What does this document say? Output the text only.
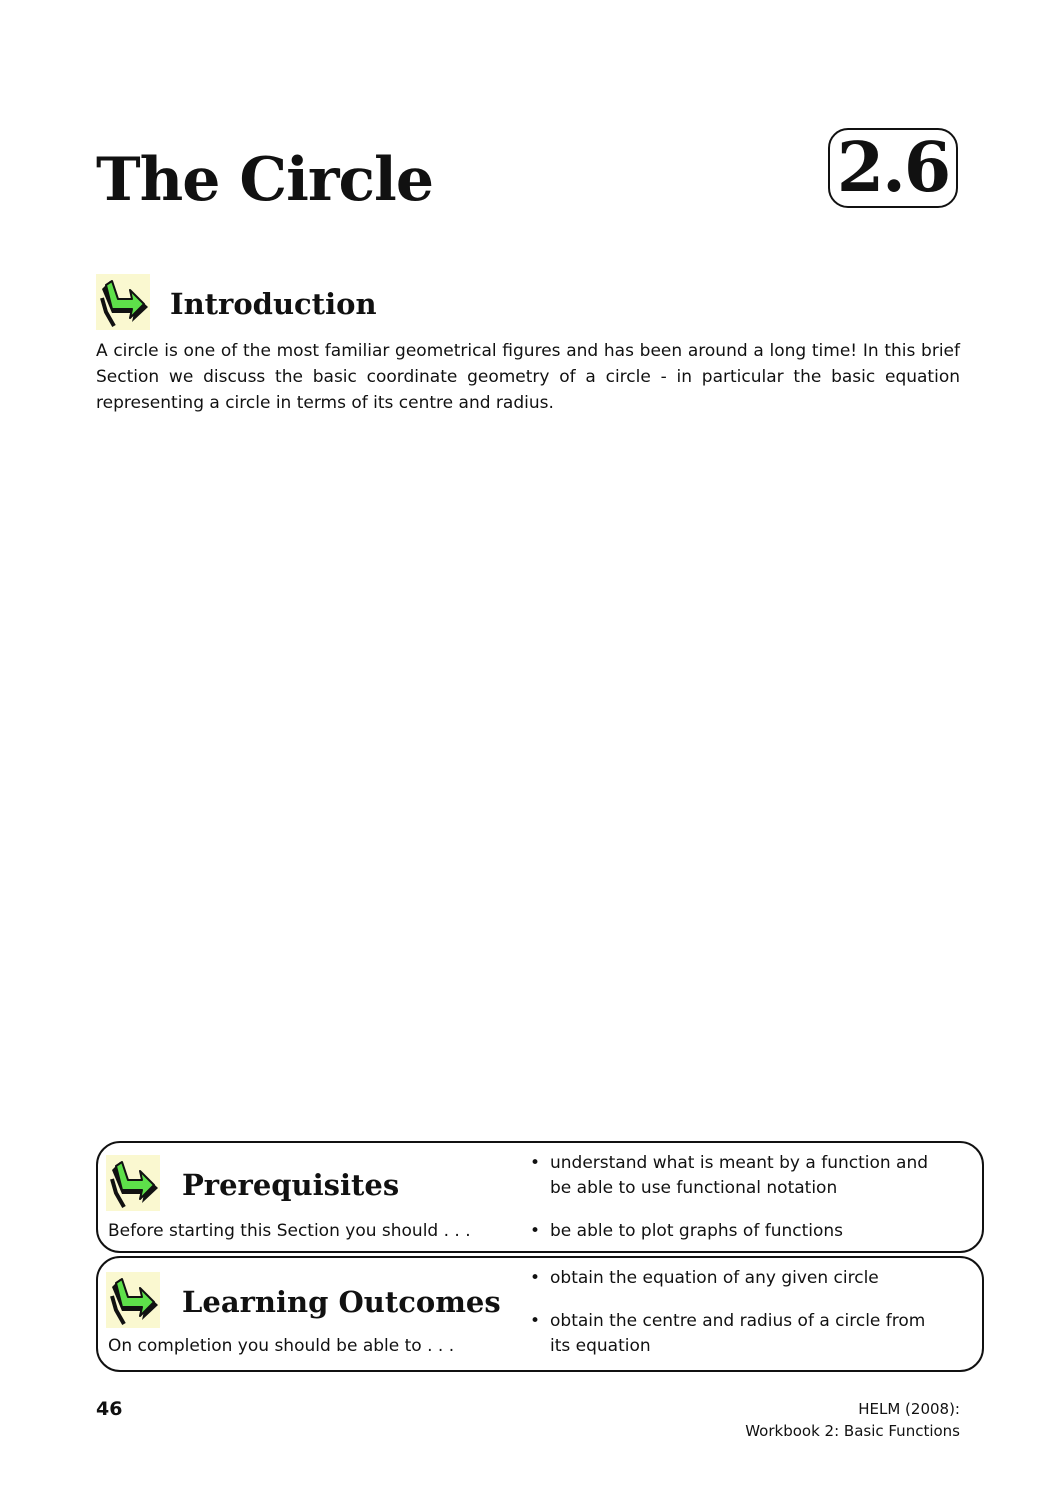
The Circle	2.6
Introduction

A circle is one of the most familiar geometrical figures and has been around a long time! In this brief Section we discuss the basic coordinate geometry of a circle - in particular the basic equation representing a circle in terms of its centre and radius.

Prerequisites
Before starting this Section you should . . .
• understand what is meant by a function and be able to use functional notation
• be able to plot graphs of functions
Learning Outcomes
On completion you should be able to . . .
• obtain the equation of any given circle
• obtain the centre and radius of a circle from its equation
46	HELM (2008):
Workbook 2: Basic Functions
